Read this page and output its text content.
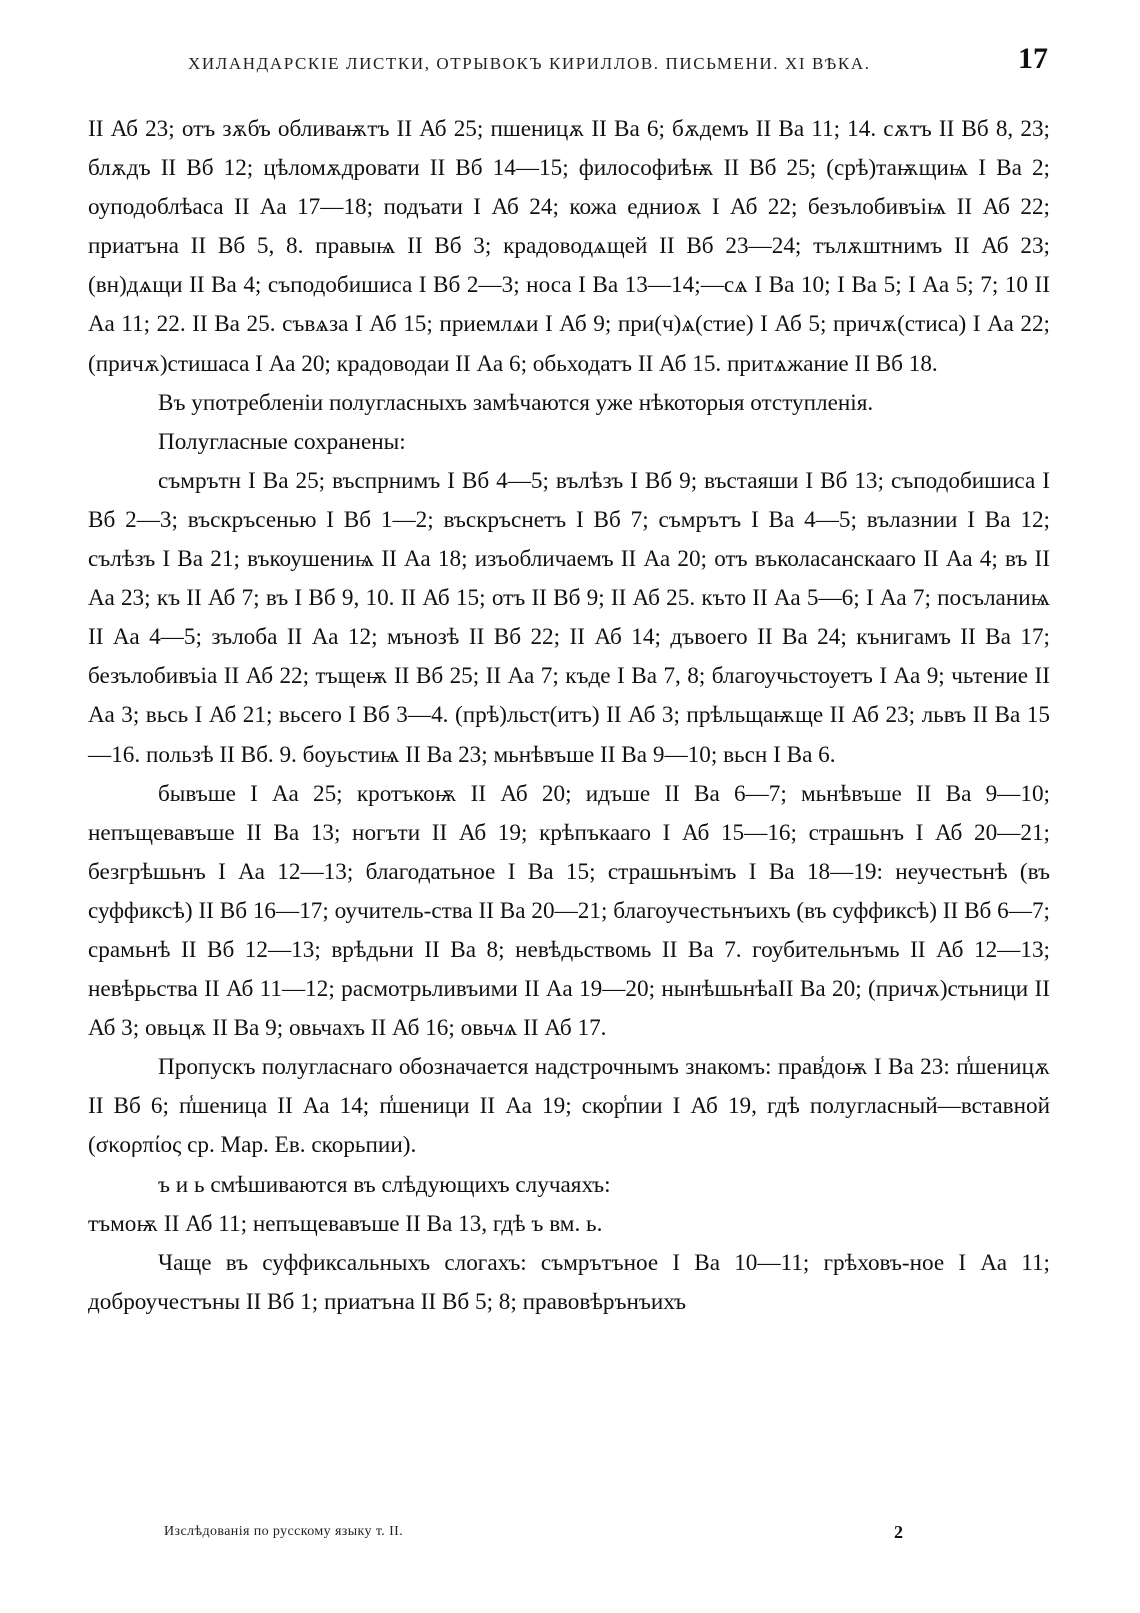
ХИЛАНДАРСКІЕ ЛИСТКИ, ОТРЫВОКЪ КИРИЛЛОВ. ПИСЬМЕНИ. XI ВѢКА.	17

II Аб 23; отъ зѫбъ обливаѭтъ II Аб 25; пшеницѫ II Ва 6; бѫдемъ II Ва 11; 14. сѫтъ II Вб 8, 23; блѫдъ II Вб 12; цѣломѫдровати II Вб 14—15; философиѣѭ II Вб 25; (срѣ)таѭщиѩ I Ва 2; оуподоблѣаса II Аа 17—18; подъати I Аб 24; кожа едниоѫ I Аб 22; безълобивъіѩ II Аб 22; приатъна II Вб 5, 8. правыѩ II Вб 3; крадоводѧщей II Вб 23—24; тълѫштнимъ II Аб 23; (вн)дѧщи II Ва 4; съподобишиса I Вб 2—3; носа I Ва 13—14;—сѧ I Ва 10; I Ва 5; I Аа 5; 7; 10 II Аа 11; 22. II Ва 25. съвѧза I Аб 15; приемлѧи I Аб 9; при(ч)ѧ(стие) I Аб 5; причѫ(стиса) I Аа 22; (причѫ)стишаса I Аа 20; крадоводаи II Аа 6; обьходатъ II Аб 15. притѧжание II Вб 18.

Въ употребленіи полугласныхъ замѣчаются уже нѣкоторыя отступленія.

Полугласные сохранены:

съмрътн I Ва 25; въспрнимъ I Вб 4—5; вълѣзъ I Вб 9; въстаяши I Вб 13; съподобишиса I Вб 2—3; въскръсенью I Вб 1—2; въскръснетъ I Вб 7; съмрътъ I Ва 4—5; вълазнии I Ва 12; сълѣзъ I Ва 21; въкоушениѩ II Аа 18; изъобличаемъ II Аа 20; отъ въколасанскааго II Аа 4; въ II Аа 23; къ II Аб 7; въ I Вб 9, 10. II Аб 15; отъ II Вб 9; II Аб 25. къто II Аа 5—6; I Аа 7; посъланиѩ II Аа 4—5; зълоба II Аа 12; мънозѣ II Вб 22; II Аб 14; дъвоего II Ва 24; кънигамъ II Ва 17; безълобивъіа II Аб 22; тъщеѭ II Вб 25; II Аа 7; къде I Ва 7, 8; благоучьстоуетъ I Аа 9; чьтение II Аа 3; вьсь I Аб 21; вьсего I Вб 3—4. (прѣ)льст(итъ) II Аб 3; прѣльщаѭще II Аб 23; львъ II Ва 15—16. пользѣ II Вб. 9. боуьстиѩ II Ва 23; мьнѣвъше II Ва 9—10; вьсн I Ва 6.

бывъше I Аа 25; кротъкоѭ II Аб 20; идъше II Ва 6—7; мьнѣвъше II Ва 9—10; непъщевавъше II Ва 13; ногъти II Аб 19; крѣпъкааго I Аб 15—16; страшьнъ I Аб 20—21; безгрѣшьнъ I Аа 12—13; благодатьное I Ва 15; страшьнъімъ I Ва 18—19: неучестьнѣ (въ суффиксѣ) II Вб 16—17; оучитель-ства II Ва 20—21; благоучестьнъихъ (въ суффиксѣ) II Вб 6—7; срамьнѣ II Вб 12—13; врѣдьни II Ва 8; невѣдьствомь II Ва 7. гоубительнъмь II Аб 12—13; невѣрьства II Аб 11—12; расмотрьливъими II Аа 19—20; нынѣшьнѣаII Ва 20; (причѫ)стьници II Аб 3; овьцѫ II Ва 9; овьчахъ II Аб 16; овьчѧ II Аб 17.

Пропускъ полугласнаго обозначается надстрочнымъ знакомъ: прав̾доѭ I Ва 23: п̾шеницѫ II Вб 6; п̾шеница II Аа 14; п̾шеници II Аа 19; скор̾пии I Аб 19, гдѣ полугласный—вставной (σκορπίος ср. Мар. Ев. скорьпии).

ъ и ь смѣшиваются въ слѣдующихъ случаяхъ:

тъмоѭ II Аб 11; непъщевавъше II Ва 13, гдѣ ъ вм. ь.

Чаще въ суффиксальныхъ слогахъ: съмрътъное I Ва 10—11; грѣховъ-ное I Аа 11; доброучестъны II Вб 1; приатъна II Вб 5; 8; правовѣрънъихъ

Изслѣдованія по русскому языку т. II.	2
